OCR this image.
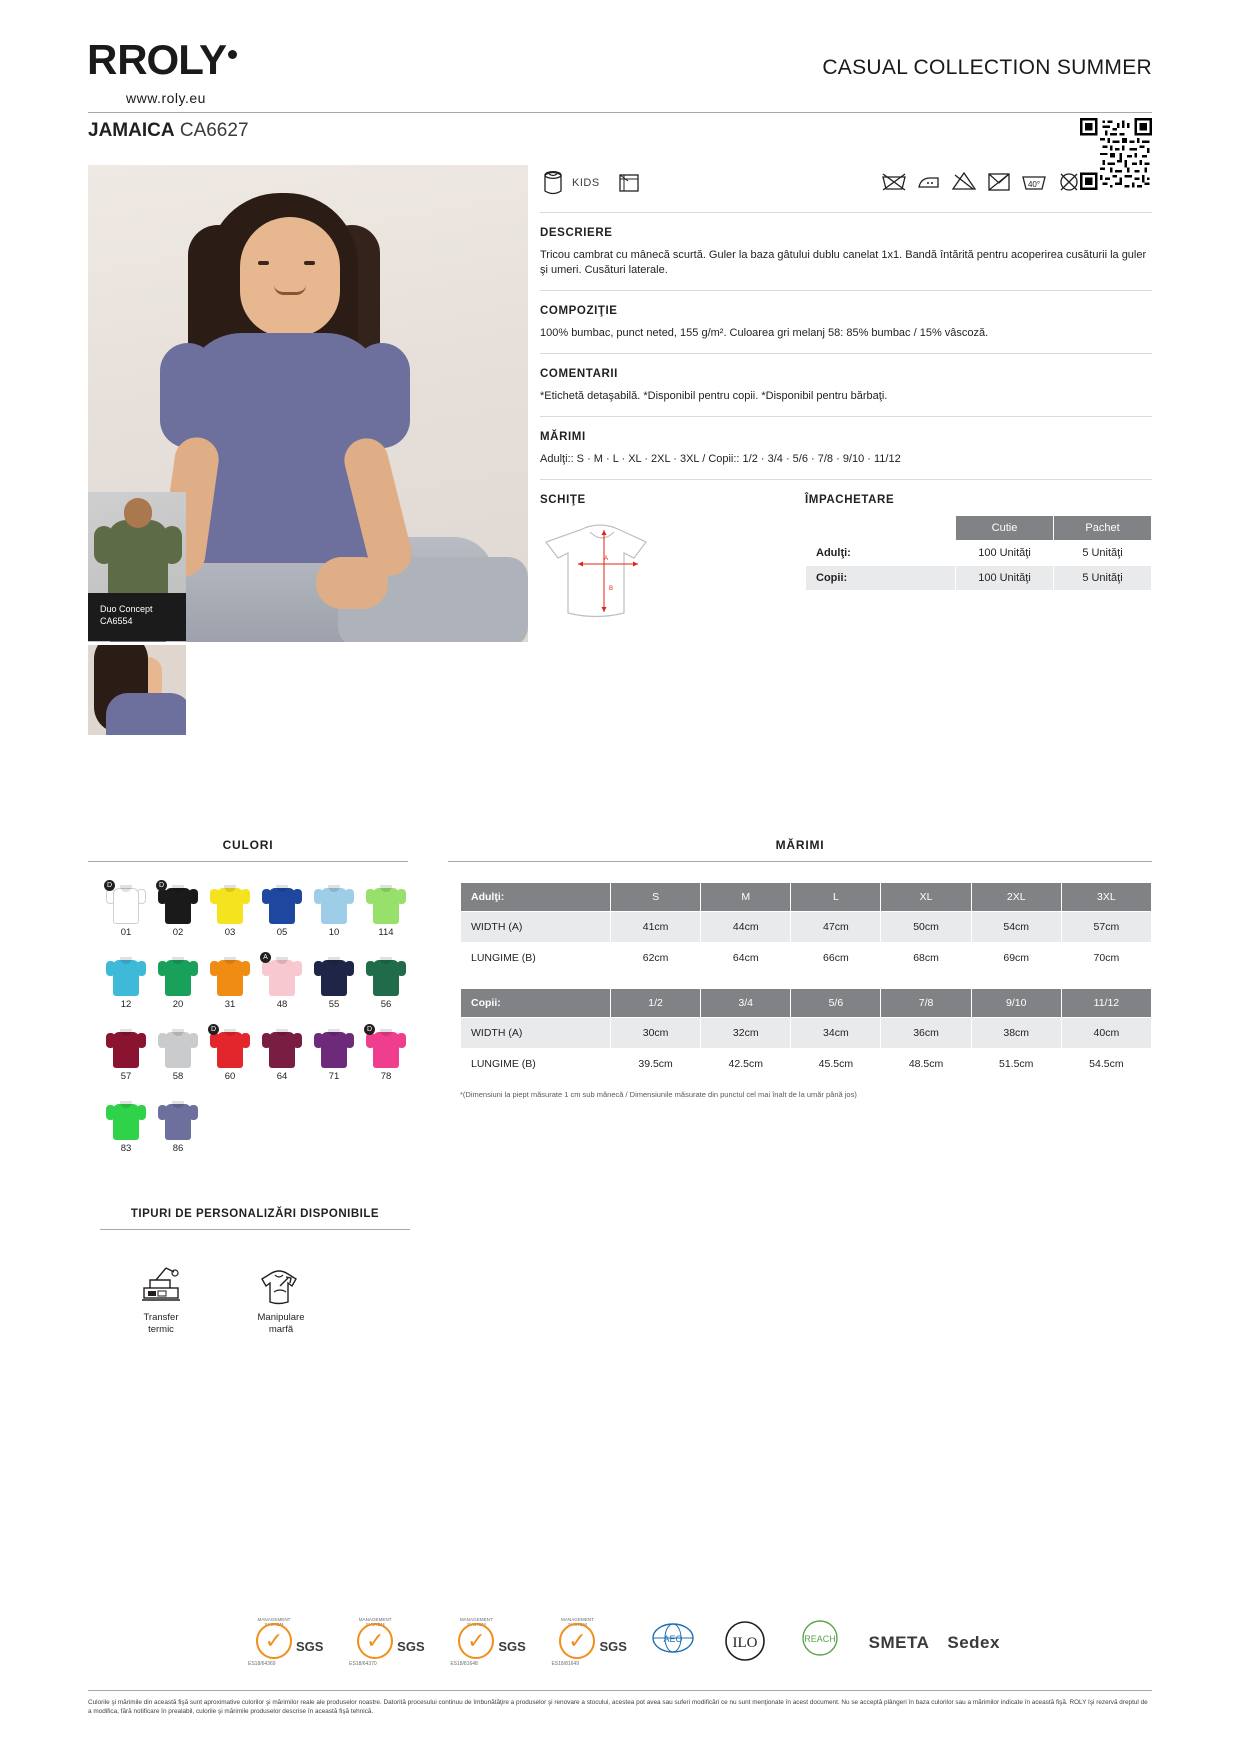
ЯROLY
www.roly.eu
CASUAL COLLECTION SUMMER
JAMAICA CA6627
Duo Concept
CA6554
KIDS	40°
DESCRIERE
Tricou cambrat cu mânecă scurtă. Guler la baza gâtului dublu canelat 1x1. Bandă întărită pentru acoperirea cusăturii la guler şi umeri. Cusături laterale.
COMPOZIŢIE
100% bumbac, punct neted, 155 g/m². Culoarea gri melanj 58: 85% bumbac / 15% vâscoză.
COMENTARII
*Etichetă detaşabilă. *Disponibil pentru copii. *Disponibil pentru bărbaţi.
MĂRIMI
Adulţi:: S · M · L · XL · 2XL · 3XL / Copii:: 1/2 · 3/4 · 5/6 · 7/8 · 9/10 · 11/12
SCHIŢE
A
B
ÎMPACHETARE
	Cutie	Pachet
Adulţi:	100 Unităţi	5 Unităţi
Copii:	100 Unităţi	5 Unităţi
CULORI	MĂRIMI
D
01
D
02	03	05	10	114
12	20	31
A
48	55	56
57	58
D
60	64	71
D
78
83	86
TIPURI DE PERSONALIZĂRI DISPONIBILE
Transfer
termic
Manipulare
marfă
Adulţi:	S	M	L	XL	2XL	3XL
WIDTH (A)	41cm	44cm	47cm	50cm	54cm	57cm
LUNGIME (B)	62cm	64cm	66cm	68cm	69cm	70cm
Copii:	1/2	3/4	5/6	7/8	9/10	11/12
WIDTH (A)	30cm	32cm	34cm	36cm	38cm	40cm
LUNGIME (B)	39.5cm	42.5cm	45.5cm	48.5cm	51.5cm	54.5cm
*(Dimensiuni la piept măsurate 1 cm sub mânecă / Dimensiunile măsurate din punctul cel mai înalt de la umăr până jos)
MANAGEMENT SYSTEM
✓ SGS
ES18/64369
MANAGEMENT SYSTEM
✓ SGS
ES18/64370
MANAGEMENT SYSTEM
✓ SGS
ES18/81648
MANAGEMENT SYSTEM
✓ SGS
ES18/81649
AEO	ILO	REACH SMETA Sedex
Culorile şi mărimile din această fişă sunt aproximative culorilor şi mărimilor reale ale produselor noastre. Datorită procesului continuu de îmbunătăţire a produselor şi renovare a stocului, acestea pot avea sau suferi modificări ce nu sunt menţionate în acest document. Nu se acceptă plângeri în baza culorilor sau a mărimilor indicate în această fişă. ROLY îşi rezervă dreptul de a modifica, fără notificare în prealabil, culorile şi mărimile produselor descrise în această fişă tehnică.
